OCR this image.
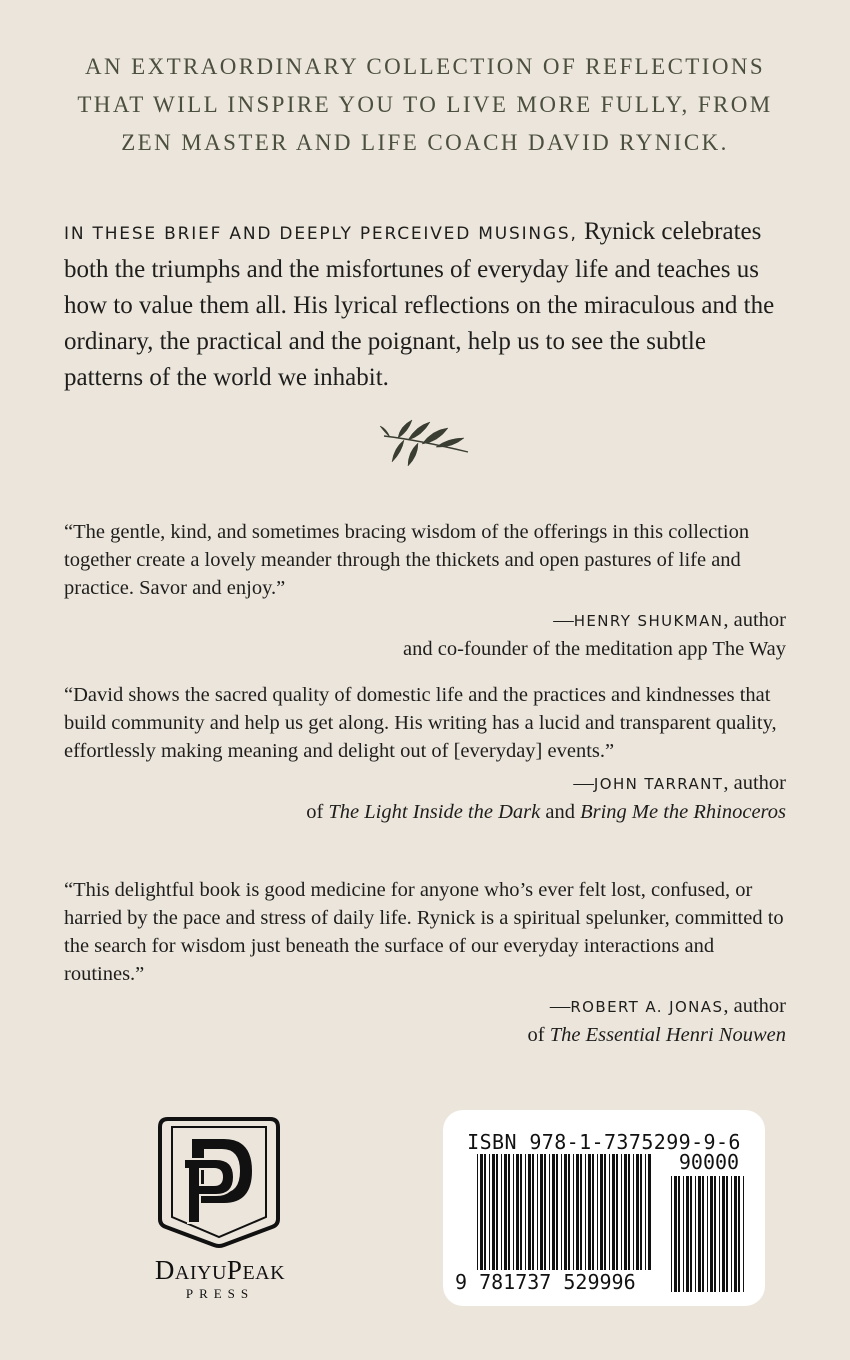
AN EXTRAORDINARY COLLECTION OF REFLECTIONS
THAT WILL INSPIRE YOU TO LIVE MORE FULLY, FROM
ZEN MASTER AND LIFE COACH DAVID RYNICK.
IN THESE BRIEF AND DEEPLY PERCEIVED MUSINGS, Rynick celebrates both the triumphs and the misfortunes of everyday life and teaches us how to value them all. His lyrical reflections on the miraculous and the ordinary, the practical and the poignant, help us to see the subtle patterns of the world we inhabit.
“The gentle, kind, and sometimes bracing wisdom of the offerings in this collection together create a lovely meander through the thickets and open pastures of life and practice. Savor and enjoy.”
—HENRY SHUKMAN, author
and co-founder of the meditation app The Way
“David shows the sacred quality of domestic life and the practices and kindnesses that build community and help us get along. His writing has a lucid and transparent quality, effortlessly making meaning and delight out of [everyday] events.”
—JOHN TARRANT, author
of The Light Inside the Dark and Bring Me the Rhinoceros
“This delightful book is good medicine for anyone who’s ever felt lost, confused, or harried by the pace and stress of daily life. Rynick is a spiritual spelunker, committed to the search for wisdom just beneath the surface of our everyday interactions and routines.”
—ROBERT A. JONAS, author
of The Essential Henri Nouwen
DAIYUPEAK
PRESS
ISBN 978-1-7375299-9-6
90000
9 781737 529996
